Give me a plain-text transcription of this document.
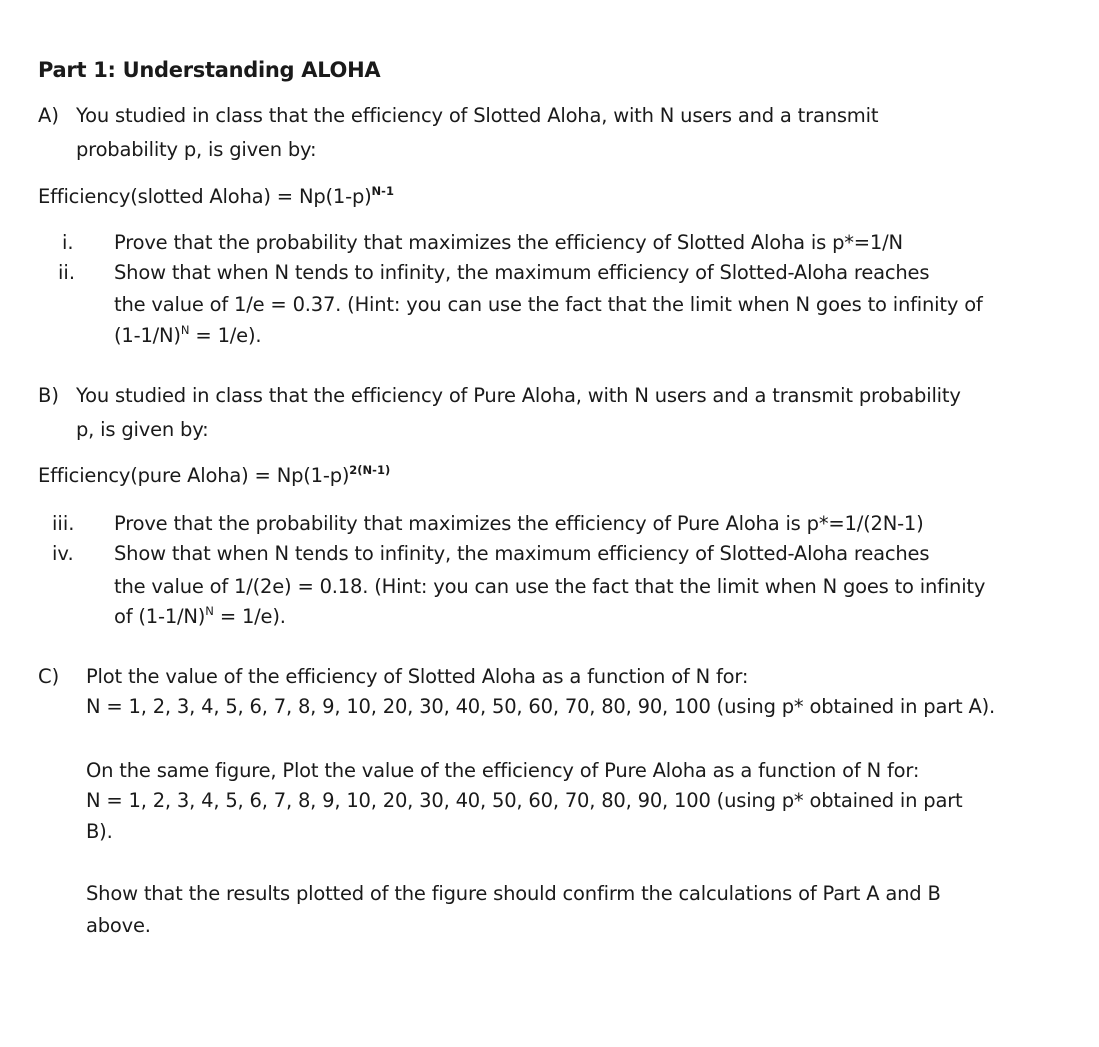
Part 1: Understanding ALOHA
A) You studied in class that the efficiency of Slotted Aloha, with N users and a transmit
probability p, is given by:
Efficiency(slotted Aloha) = $Np(1-p)^{N-1}$
i. Prove that the probability that maximizes the efficiency of Slotted Aloha is p*=1/N
ii. Show that when N tends to infinity, the maximum efficiency of Slotted-Aloha reaches
the value of 1/e = 0.37. (Hint: you can use the fact that the limit when N goes to infinity of
$(1-1/N)^N = 1/e$).
B) You studied in class that the efficiency of Pure Aloha, with N users and a transmit probability
p, is given by:
Efficiency(pure Aloha) = $Np(1-p)^{2(N-1)}$
iii. Prove that the probability that maximizes the efficiency of Pure Aloha is p*=1/(2N-1)
iv. Show that when N tends to infinity, the maximum efficiency of Slotted-Aloha reaches
the value of 1/(2e) = 0.18. (Hint: you can use the fact that the limit when N goes to infinity
of $(1-1/N)^N = 1/e$).
C) Plot the value of the efficiency of Slotted Aloha as a function of N for:
N = 1, 2, 3, 4, 5, 6, 7, 8, 9, 10, 20, 30, 40, 50, 60, 70, 80, 90, 100 (using p* obtained in part A).
On the same figure, Plot the value of the efficiency of Pure Aloha as a function of N for:
N = 1, 2, 3, 4, 5, 6, 7, 8, 9, 10, 20, 30, 40, 50, 60, 70, 80, 90, 100 (using p* obtained in part
B).
Show that the results plotted of the figure should confirm the calculations of Part A and B
above.
